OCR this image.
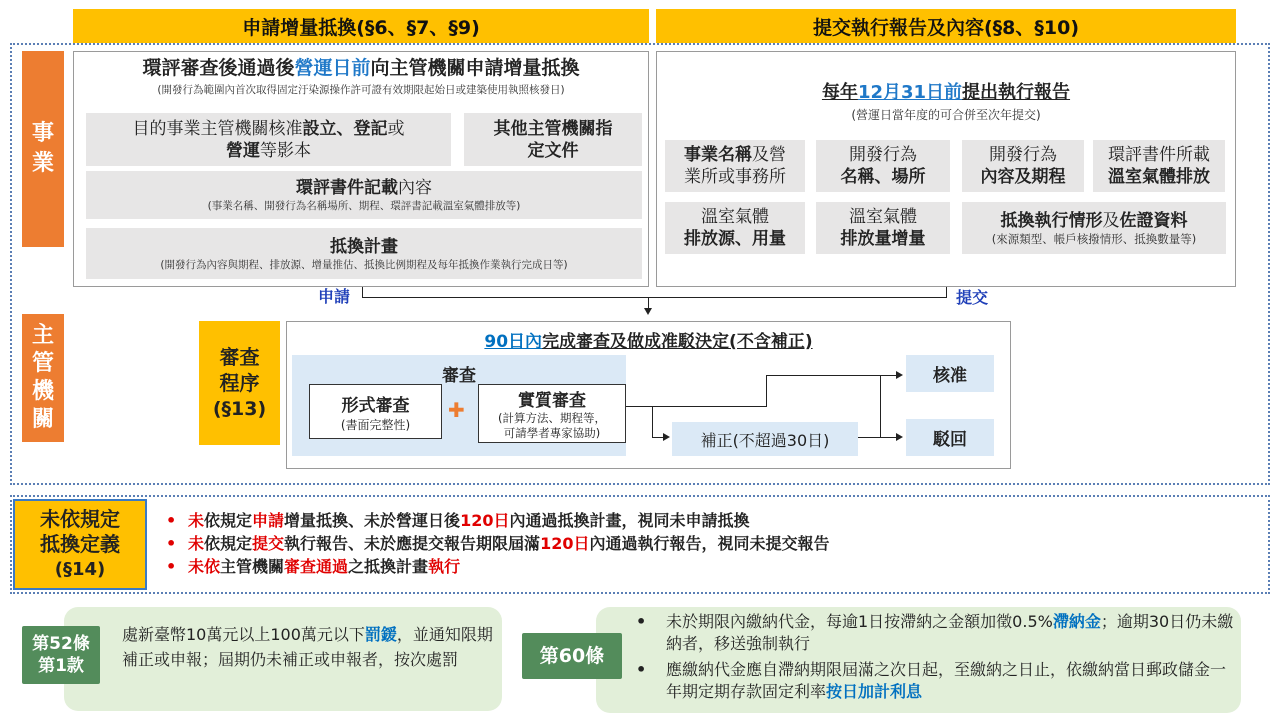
申請增量抵換(§6、§7、§9)	提交執行報告及內容(§8、§10)
事
業
主
管
機
關
環評審查後通過後營運日前向主管機關申請增量抵換
(開發行為範圍內首次取得固定汙染源操作許可證有效期限起始日或建築使用執照核發日)
目的事業主管機關核准設立、登記或
營運等影本
其他主管機關指
定文件
環評書件記載內容
(事業名稱、開發行為名稱場所、期程、環評書記載溫室氣體排放等)
抵換計畫
(開發行為內容與期程、排放源、增量推估、抵換比例期程及每年抵換作業執行完成日等)
每年12月31日前提出執行報告
(營運日當年度的可合併至次年提交)
事業名稱及營
業所或事務所
開發行為
名稱、場所
開發行為
內容及期程
環評書件所載
溫室氣體排放
溫室氣體
排放源、用量
溫室氣體
排放量增量
抵換執行情形及佐證資料
(來源類型、帳戶核撥情形、抵換數量等)
申請	提交
審查
程序
(§13)
90日內完成審查及做成准駁決定(不含補正)
審查
形式審查
(書面完整性)
✚	實質審查
(計算方法、期程等，
可請學者專家協助)	補正(不超過30日)
核准
駁回
未依規定
抵換定義
(§14)
• 未依規定申請增量抵換、未於營運日後120日內通過抵換計畫，視同未申請抵換
• 未依規定提交執行報告、未於應提交報告期限屆滿120日內通過執行報告，視同未提交報告
• 未依主管機關審查通過之抵換計畫執行
第52條
第1款
處新臺幣10萬元以上100萬元以下罰鍰，並通知限期補正或申報；屆期仍未補正或申報者，按次處罰	第60條
• 未於期限內繳納代金，每逾1日按滯納之金額加徵0.5%滯納金；逾期30日仍未繳納者，移送強制執行
• 應繳納代金應自滯納期限屆滿之次日起，至繳納之日止，依繳納當日郵政儲金一年期定期存款固定利率按日加計利息
